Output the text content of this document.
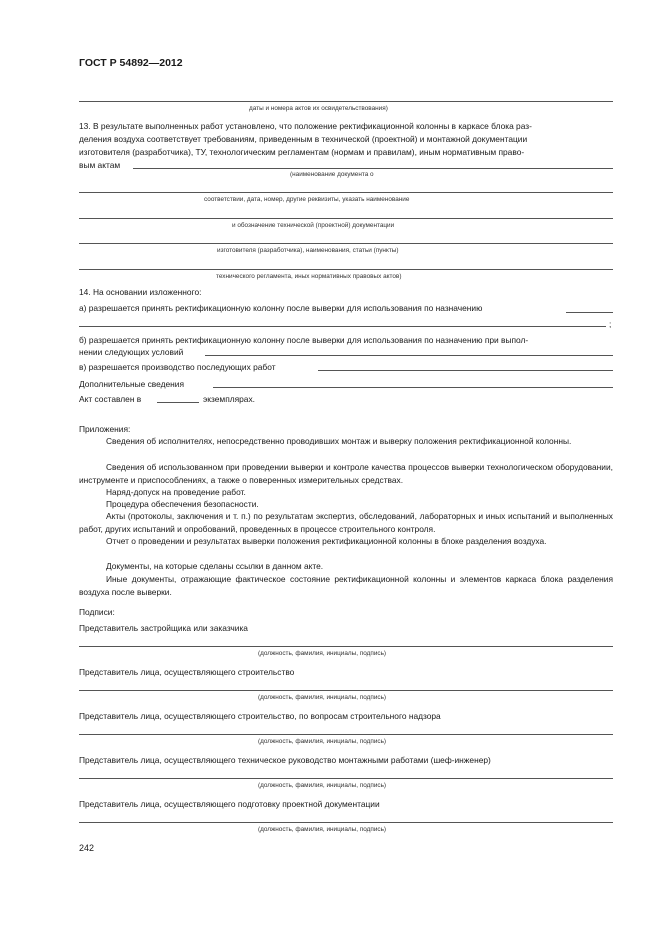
ГОСТ Р 54892—2012
даты и номера актов их освидетельствования)
13. В результате выполненных работ установлено, что положение ректификационной колонны в каркасе блока раз-
деления воздуха соответствует требованиям, приведенным в технической (проектной) и монтажной документации
изготовителя (разработчика), ТУ, технологическим регламентам (нормам и правилам), иным нормативным право-
вым актам
(наименование документа о
соответствии, дата, номер, другие реквизиты, указать наименование
и обозначение технической (проектной) документации
изготовителя (разработчика), наименования, статьи (пункты)
технического регламента, иных нормативных правовых актов)
14. На основании изложенного:
а) разрешается принять ректификационную колонну после выверки для использования по назначению
;
б) разрешается принять ректификационную колонну после выверки для использования по назначению при выпол-
нении следующих условий
в) разрешается производство последующих работ
Дополнительные сведения
Акт составлен в	экземплярах.
Приложения:
Сведения об исполнителях, непосредственно проводивших монтаж и выверку положения ректификационной колонны.
Сведения об использованном при проведении выверки и контроле качества процессов выверки технологическом оборудовании, инструменте и приспособлениях, а также о поверенных измерительных средствах.
Наряд-допуск на проведение работ.
Процедура обеспечения безопасности.
Акты (протоколы, заключения и т. п.) по результатам экспертиз, обследований, лабораторных и иных испытаний и выполненных работ, других испытаний и опробований, проведенных в процессе строительного контроля.
Отчет о проведении и результатах выверки положения ректификационной колонны в блоке разделения воздуха.
Документы, на которые сделаны ссылки в данном акте.
Иные документы, отражающие фактическое состояние ректификационной колонны и элементов каркаса блока разделения воздуха после выверки.
Подписи:
Представитель застройщика или заказчика
(должность, фамилия, инициалы, подпись)
Представитель лица, осуществляющего строительство
(должность, фамилия, инициалы, подпись)
Представитель лица, осуществляющего строительство, по вопросам строительного надзора
(должность, фамилия, инициалы, подпись)
Представитель лица, осуществляющего техническое руководство монтажными работами (шеф-инженер)
(должность, фамилия, инициалы, подпись)
Представитель лица, осуществляющего подготовку проектной документации
(должность, фамилия, инициалы, подпись)
242
